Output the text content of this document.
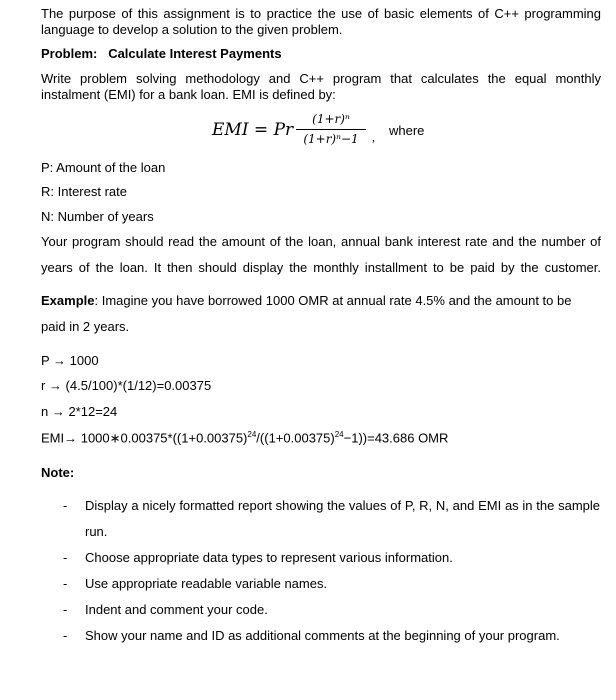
The purpose of this assignment is to practice the use of basic elements of C++ programming
language to develop a solution to the given problem.
Problem: Calculate Interest Payments
Write problem solving methodology and C++ program that calculates the equal monthly
instalment (EMI) for a bank loan. EMI is defined by:
EMI = Pr
(1+r)ⁿ
(1+r)ⁿ−1	, where
P: Amount of the loan
R: Interest rate
N: Number of years
Your program should read the amount of the loan, annual bank interest rate and the number of
years of the loan. It then should display the monthly installment to be paid by the customer.
Example: Imagine you have borrowed 1000 OMR at annual rate 4.5% and the amount to be
paid in 2 years.
P → 1000
r → (4.5/100)*(1/12)=0.00375
n → 2*12=24
$EMI\to 1000∗0.00375*((1+0.00375)^{24}/((1+0.00375)^{24}-1))=43.686$ OMR
Note:
- Display a nicely formatted report showing the values of P, R, N, and EMI as in the sample
run.
- Choose appropriate data types to represent various information.
- Use appropriate readable variable names.
- Indent and comment your code.
- Show your name and ID as additional comments at the beginning of your program.
